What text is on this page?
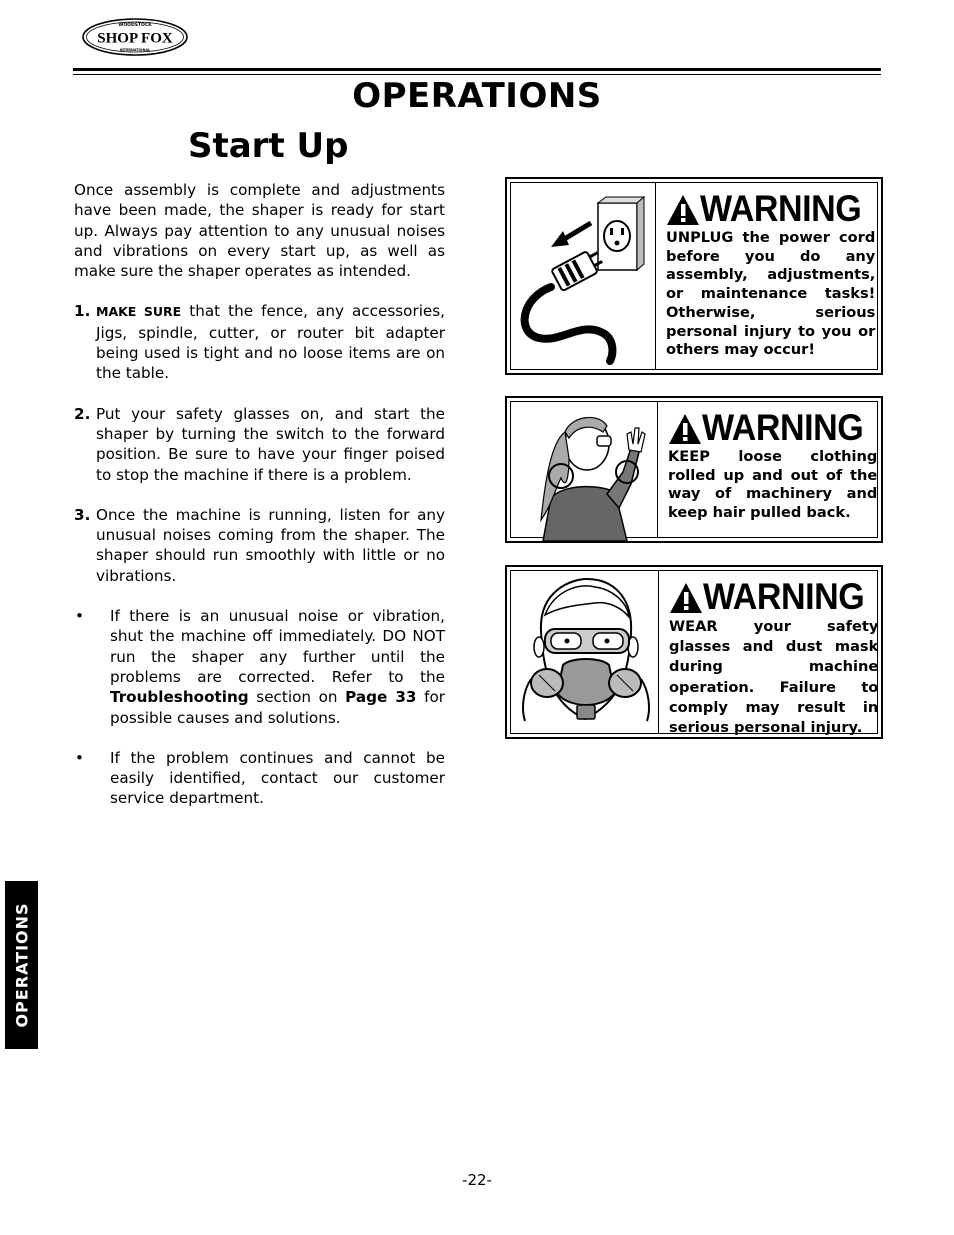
WOODSTOCK
SHOP FOX
INTERNATIONAL
OPERATIONS
Start Up

Once assembly is complete and adjustments have been made, the shaper is ready for start up. Always pay attention to any unusual noises and vibrations on every start up, as well as make sure the shaper operates as intended.

1. MAKE SURE that the fence, any accessories, Jigs, spindle, cutter, or router bit adapter being used is tight and no loose items are on the table.
2. Put your safety glasses on, and start the shaper by turning the switch to the forward position. Be sure to have your finger poised to stop the machine if there is a problem.
3. Once the machine is running, listen for any unusual noises coming from the shaper. The shaper should run smoothly with little or no vibrations.
•	If there is an unusual noise or vibration, shut the machine off immediately. DO NOT run the shaper any further until the problems are corrected. Refer to the Troubleshooting section on Page 33 for possible causes and solutions.
•	If the problem continues and cannot be easily identified, contact our customer service department.
WARNING
UNPLUG the power cord before you do any assembly, adjustments, or maintenance tasks! Otherwise, serious personal injury to you or others may occur!
WARNING
KEEP loose clothing rolled up and out of the way of machinery and keep hair pulled back.
WARNING
WEAR your safety glasses and dust mask during machine operation. Failure to comply may result in serious personal injury.
OPERATIONS
-22-
